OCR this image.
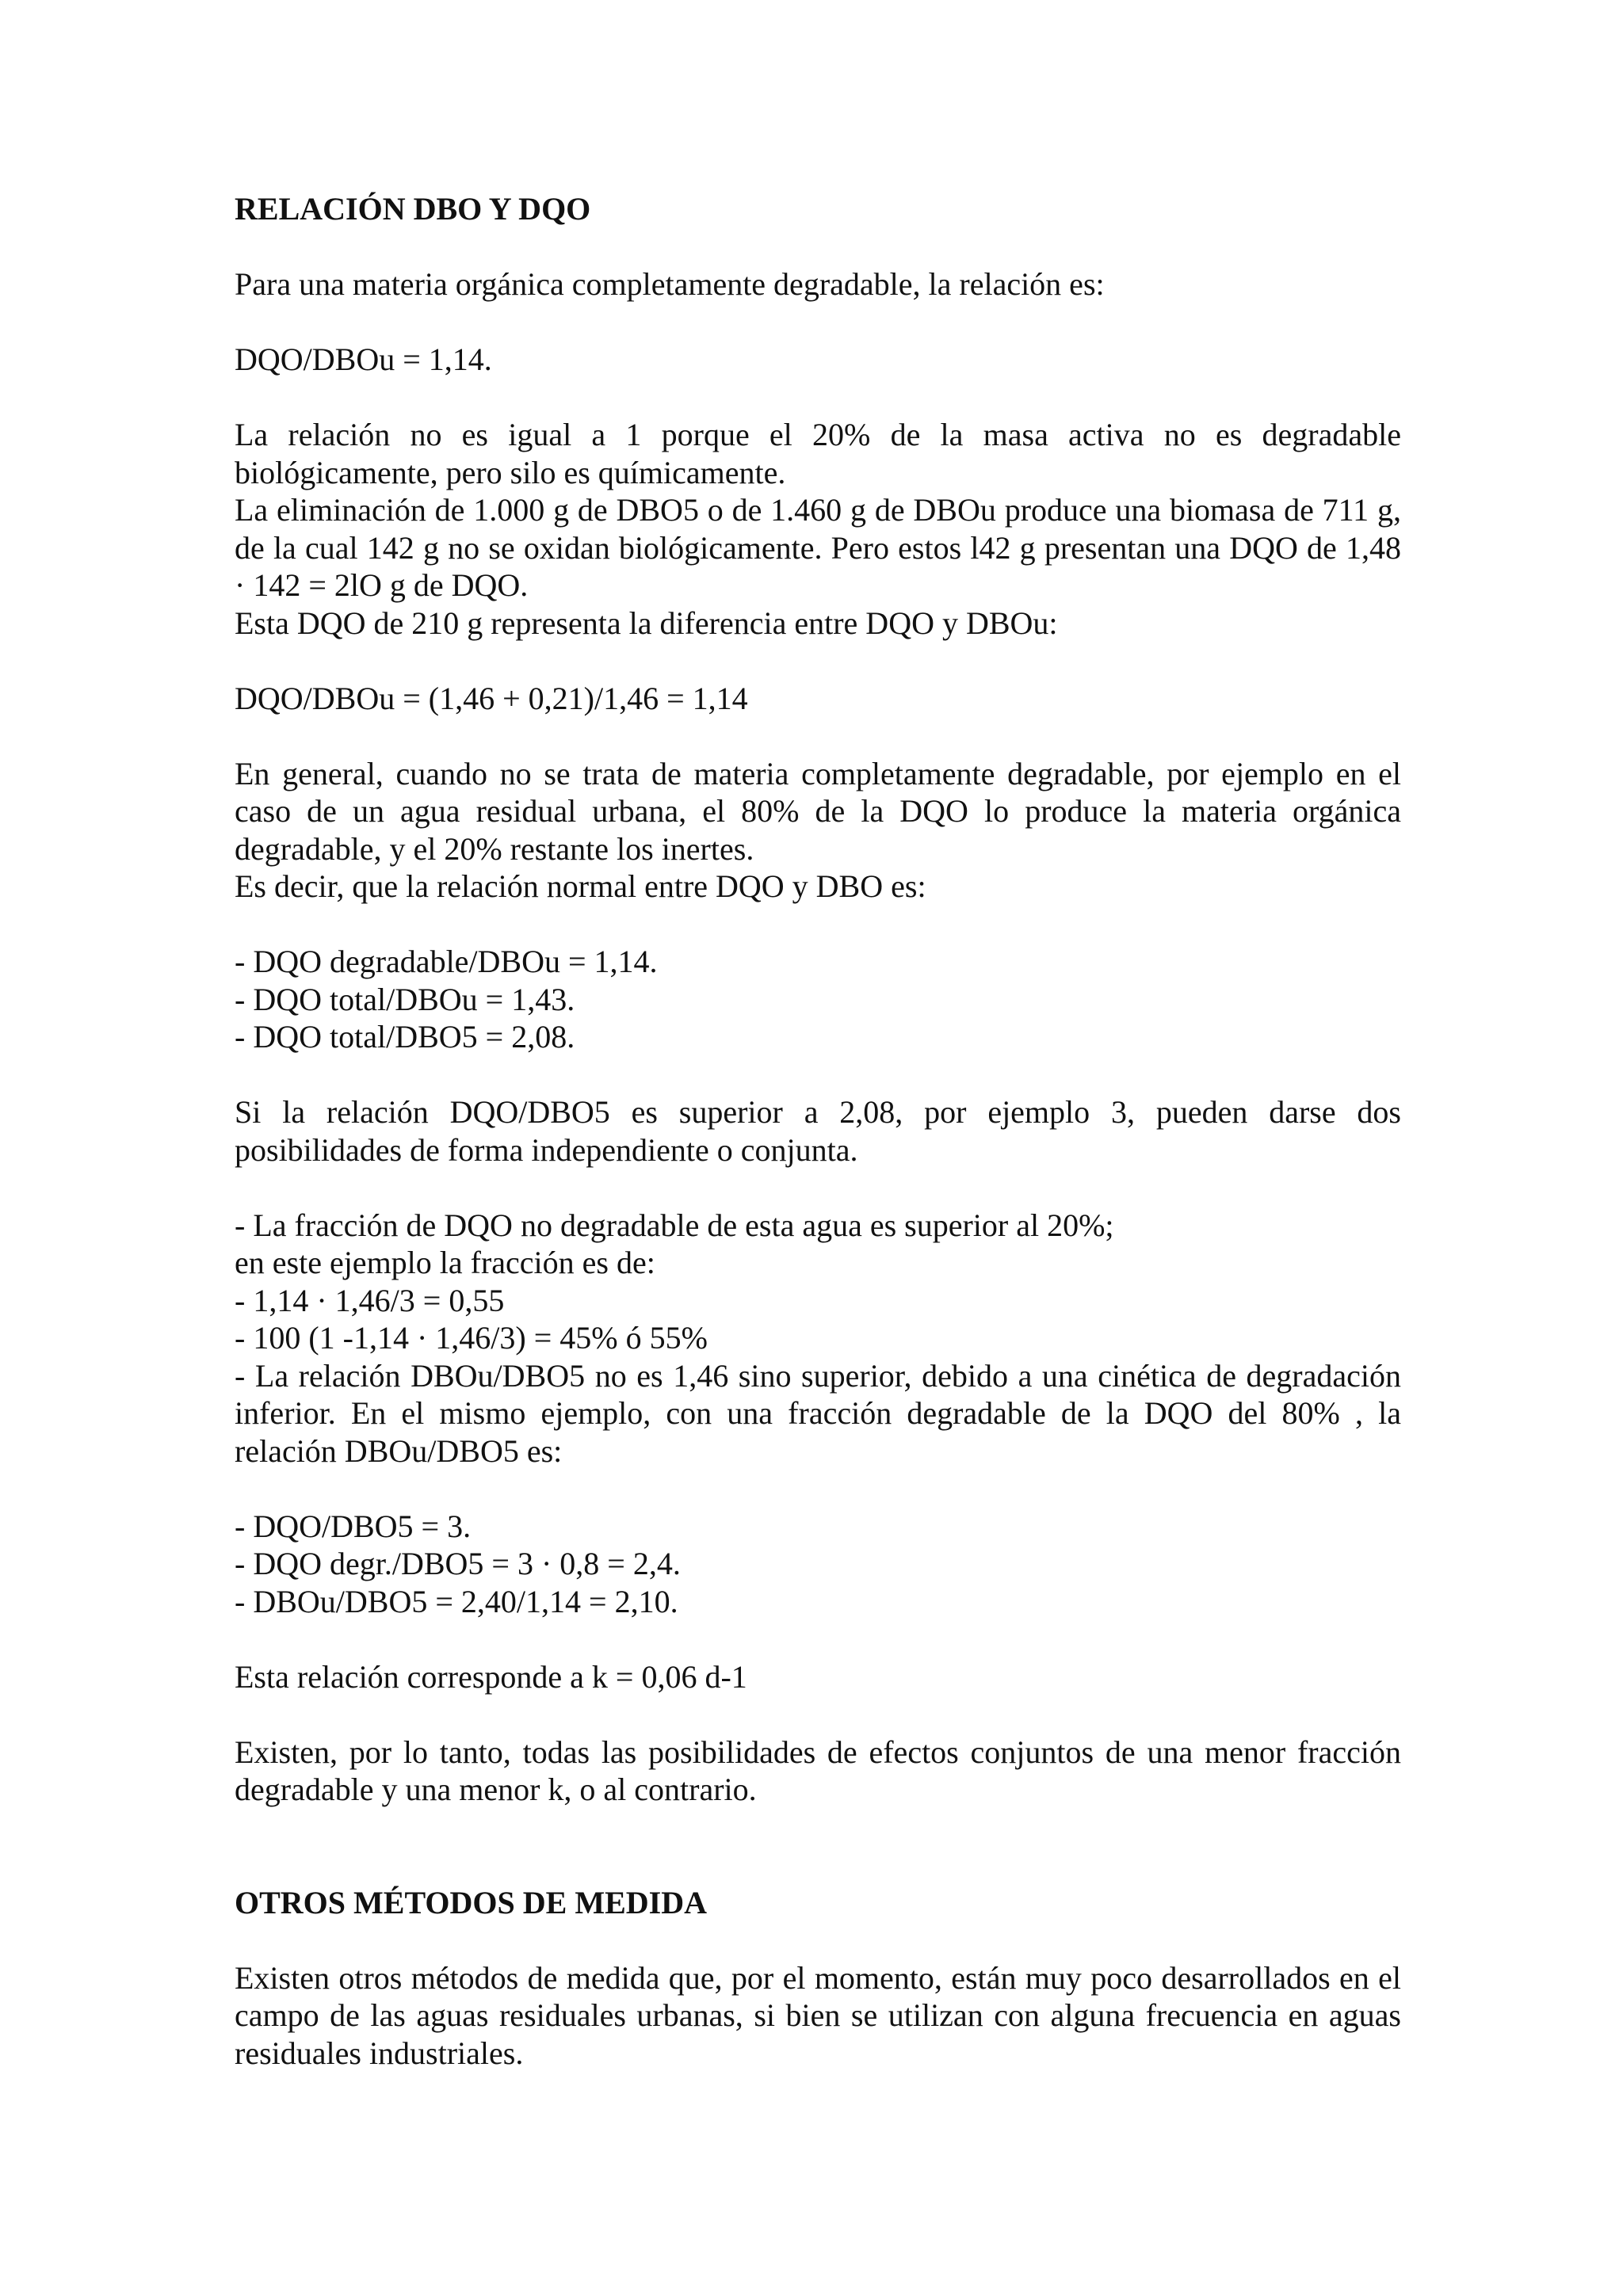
RELACIÓN DBO Y DQO

Para una materia orgánica completamente degradable, la relación es:

DQO/DBOu = 1,14.

La relación no es igual a 1 porque el 20% de la masa activa no es degradable biológicamente, pero silo es químicamente.

La eliminación de 1.000 g de DBO5 o de 1.460 g de DBOu produce una biomasa de 711 g, de la cual 142 g no se oxidan biológicamente. Pero estos l42 g presentan una DQO de 1,48 · 142 = 2lO g de DQO.

Esta DQO de 210 g representa la diferencia entre DQO y DBOu:

DQO/DBOu = (1,46 + 0,21)/1,46 = 1,14

En general, cuando no se trata de materia completamente degradable, por ejemplo en el caso de un agua residual urbana, el 80% de la DQO lo produce la materia orgánica degradable, y el 20% restante los inertes.

Es decir, que la relación normal entre DQO y DBO es:

- DQO degradable/DBOu = 1,14.

- DQO total/DBOu = 1,43.

- DQO total/DBO5 = 2,08.

Si la relación DQO/DBO5 es superior a 2,08, por ejemplo 3, pueden darse dos posibilidades de forma independiente o conjunta.

- La fracción de DQO no degradable de esta agua es superior al 20%;

en este ejemplo la fracción es de:

- 1,14 · 1,46/3 = 0,55

- 100 (1 -1,14 · 1,46/3) = 45% ó 55%

- La relación DBOu/DBO5 no es 1,46 sino superior, debido a una cinética de degradación inferior. En el mismo ejemplo, con una fracción degradable de la DQO del 80% , la relación DBOu/DBO5 es:

- DQO/DBO5 = 3.

- DQO degr./DBO5 = 3 · 0,8 = 2,4.

- DBOu/DBO5 = 2,40/1,14 = 2,10.

Esta relación corresponde a k = 0,06 d-1

Existen, por lo tanto, todas las posibilidades de efectos conjuntos de una menor fracción degradable y una menor k, o al contrario.

OTROS MÉTODOS DE MEDIDA

Existen otros métodos de medida que, por el momento, están muy poco desarrollados en el campo de las aguas residuales urbanas, si bien se utilizan con alguna frecuencia en aguas residuales industriales.
